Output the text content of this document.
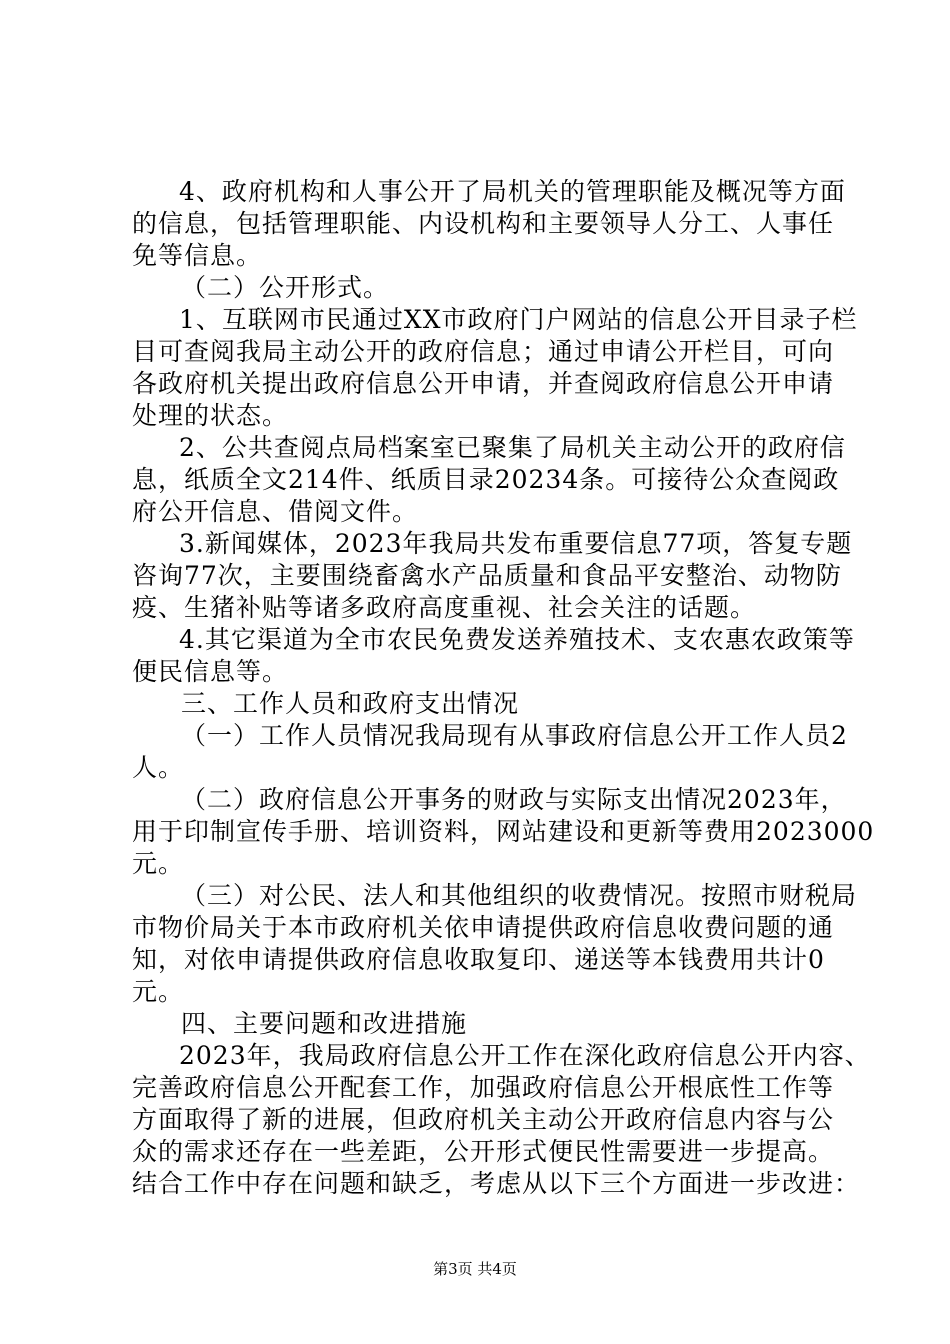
4、政府机构和人事公开了局机关的管理职能及概况等方面
的信息，包括管理职能、内设机构和主要领导人分工、人事任
免等信息。
（二）公开形式。
1、互联网市民通过XX市政府门户网站的信息公开目录子栏
目可查阅我局主动公开的政府信息；通过申请公开栏目，可向
各政府机关提出政府信息公开申请，并查阅政府信息公开申请
处理的状态。
2、公共查阅点局档案室已聚集了局机关主动公开的政府信
息，纸质全文214件、纸质目录20234条。可接待公众查阅政
府公开信息、借阅文件。
3.新闻媒体，2023年我局共发布重要信息77项，答复专题
咨询77次，主要围绕畜禽水产品质量和食品平安整治、动物防
疫、生猪补贴等诸多政府高度重视、社会关注的话题。
4.其它渠道为全市农民免费发送养殖技术、支农惠农政策等
便民信息等。
三、工作人员和政府支出情况
（一）工作人员情况我局现有从事政府信息公开工作人员2
人。
（二）政府信息公开事务的财政与实际支出情况2023年，
用于印制宣传手册、培训资料，网站建设和更新等费用2023000
元。
（三）对公民、法人和其他组织的收费情况。按照市财税局
市物价局关于本市政府机关依申请提供政府信息收费问题的通
知，对依申请提供政府信息收取复印、递送等本钱费用共计0
元。
四、主要问题和改进措施
2023年，我局政府信息公开工作在深化政府信息公开内容、
完善政府信息公开配套工作，加强政府信息公开根底性工作等
方面取得了新的进展，但政府机关主动公开政府信息内容与公
众的需求还存在一些差距，公开形式便民性需要进一步提高。
结合工作中存在问题和缺乏，考虑从以下三个方面进一步改进：
第3页 共4页
